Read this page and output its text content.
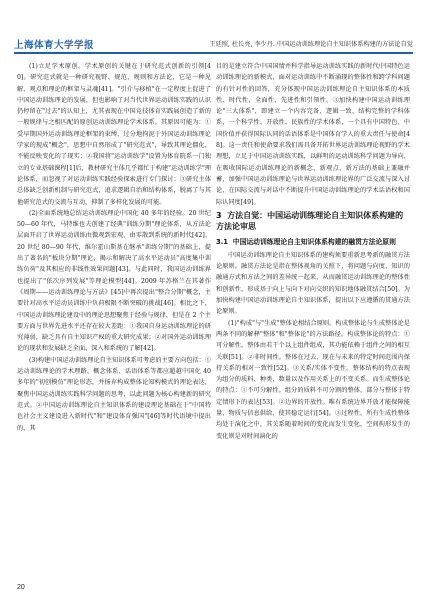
上海体育大学学报	王廷照, 杜长亮, 李少丹. 中国运动训练理论自主知识体系构建的方法论自觉

(1)立足学术原创。学术原创的关键在于研究范式创新的引领[40]。研究范式就是一种研究视野、规范、规则和方法论，它是一种见解、观点和理论的框架与灵魂[41]。"引介与移植"在一定程度上促进了中国运动训练理论的发展，但也影响了对当代世界运动训练实践的认识仍停留在"过去"的认知上，尤其表现在中国竞技体育实践展创造了新的一般规律与之相匹配的原创运动训练理论学术体系。其原因可能为：①受早期国外运动训练理论框架的束缚，过分地拘泥于外国运动训练理论学家的现成"概念"，思想中自然形成了"研究范式"，导致其理论僵化，不能反映变化的了现实；②我国将"运动训练学"设置为体育院系一门独立的专业基础课程[1]后，教材研究主体几乎都忙于构建"运动训练学"理论体系，而忽视了对运动训练实践经验探索进行专门探讨；③研究主体总体缺乏创新机制与研究范式，追求逻辑自治和结构体系，脱离了与其他研究范式的交流与互动，抑制了多样化发展的可能。

(2)全面系统地总结运动训练理论中国化 40 多年的经验。20 世纪 50—60 年代，马特维也夫创建了经典"训练分期"理论体系，从方法论层面开启了世界运动训练由微观到宏观、由零散到系统的新时代[42]。20 世纪 80—90 年代，维尔霍山斯基在继承"训练分期"的基础上，提出了著名的"板块分期"理论，揭示和解决了高水平运动员"高度集中训练负荷"及其相应的非线性效果问题[43]。与此同时，我国运动训练界也提出了"依次序列发展"等理论模型[44]。2009 年苏格兰在其著作《周期——运动训练理论与方法》[45]中再次提出"整合分期"概念，主要针对高水平运动员训练中负荷极限不断突破的挑战[46]。相比之下，中国运动训练理论建设中的理论思想聚焦于经验与规律，但是在 2 个主要方面与世界先进水平还存在较大差距：①我国自身运动训练理论的研究薄弱，缺乏具有自主知识产权的重大研究成果；②对国外运动训练理论的现状和发展缺乏全面、深入和系统的了解[42]。

(3)构建中国运动训练理论自主知识体系可考虑的主要方向包括：①运动训练理论的学术理路、概念体系、话语体系等都应超越中国化 40 多年的"初创模仿"理论形态，并扬弃构成整体论知构模式的理论表达，聚焦中国运动训练实践科学问题的思考，以此问题为核心构建新的研究范式。②中国运动训练理论自主知识体系的建设理论基础在于"中国特色社会主义建设进入新时代"和"建设体育强国"[46]等时代语境中提出的，其

目的是建立符合中国国情并科学指导运动训练实践的新时代中国特色运动训练理论的新模式，面对运动训练中不断涌现的整体性和跨学科问题的有针对性的回答，充分体现中国运动训练理论自主知识体系的本质性、时代性、全面性、先进性和引领性。③加快构建中国运动训练理论"三大体系"，即建立一个内容完备、逻辑一致、结构完整的学科体系，一个科学性、开放性、民族性的学术体系，一个具有中国特色、中国价值并获得国际认同的话语体系是中国体育学人的重大责任与使命[48]。这一责任和使命要求我们需具备开拓世界运动训练理论视野的学术理想，立足于中国运动训练实践，以鲜明的运动训练科学问题为导向，在吸收国际运动训练理论的新概念、新观点、新方法的基础上兼融并蓄，加强中国运动训练理论与世界运动训练理论界的广泛交流与深入讨论，在国际交流与对话中不断提升中国运动训练理论的学术话语权和国际认同度[49]。

3 方法自觉：中国运动训练理论自主知识体系构建的方法论审思
3.1 中国运动训练理论自主知识体系构建的融贯方法论原则

中国运动训练理论自主知识体系的建构须要重新思考新的融贯方法论原则。融贯方法论是指在整体视角的关照下，将问题与向度、知识的融通方式和方法之间的差异统一起来，从而融贯运动训练理论的整体性和创新性，形成基于向上与向下对向交织的知识地体融贯结合[50]。为加快构建中国运动训练理论自主知识体系，提出以下应遵循的贯通方法论原则。

(1)"构成"与"生成"整体论相结合原则。构成整体论与生成整体论是两条不同的解释"整体"和"整体论"的方法路径。构成整体论的特点：①可分解性。整体由若干个以上组件组成，其功能依赖于组件之间的相互关联[51]。②非时间性。整体在过去、现在与未来的特定时间范围内保持关系的相对一致性[52]。③关系/实体不变性。整体结构的特点表现为组分的质料、种类、数量以及作用关系上的不变关系。而生成整体论的特点：①不可分解性。组分的质料不可分割的整体，部分与整体于特定情形下的表达[53]。②边界的开放性。唯有系统边界开放才能保障能量、物质与信息供给，使其稳定运行[54]。③过程性。所有生成性整体均处于演化之中，其关系随着时间的变化而发生变化，空间拘形发生的变化则是对时间演化的

20
